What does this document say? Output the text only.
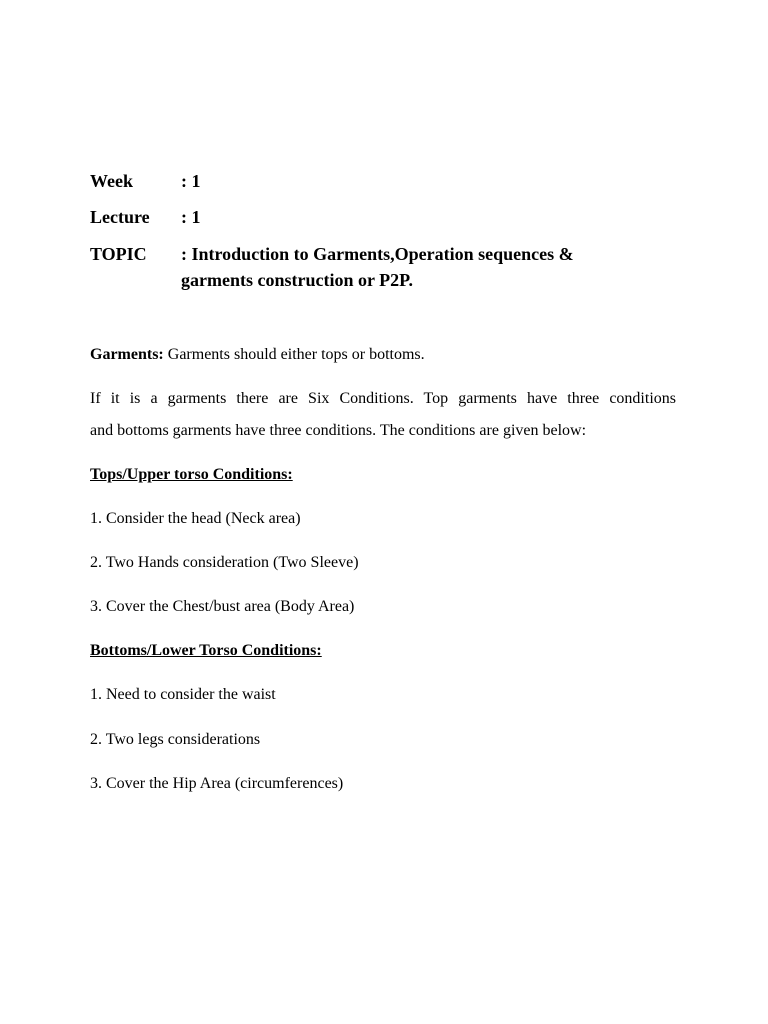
Week	: 1
Lecture : 1
TOPIC : Introduction to Garments,Operation sequences &
garments construction or P2P.
Garments: Garments should either tops or bottoms.
If it is a garments there are Six Conditions. Top garments have three conditions
and bottoms garments have three conditions. The conditions are given below:
Tops/Upper torso Conditions:
1. Consider the head (Neck area)
2. Two Hands consideration (Two Sleeve)
3. Cover the Chest/bust area (Body Area)
Bottoms/Lower Torso Conditions:
1. Need to consider the waist
2. Two legs considerations
3. Cover the Hip Area (circumferences)
